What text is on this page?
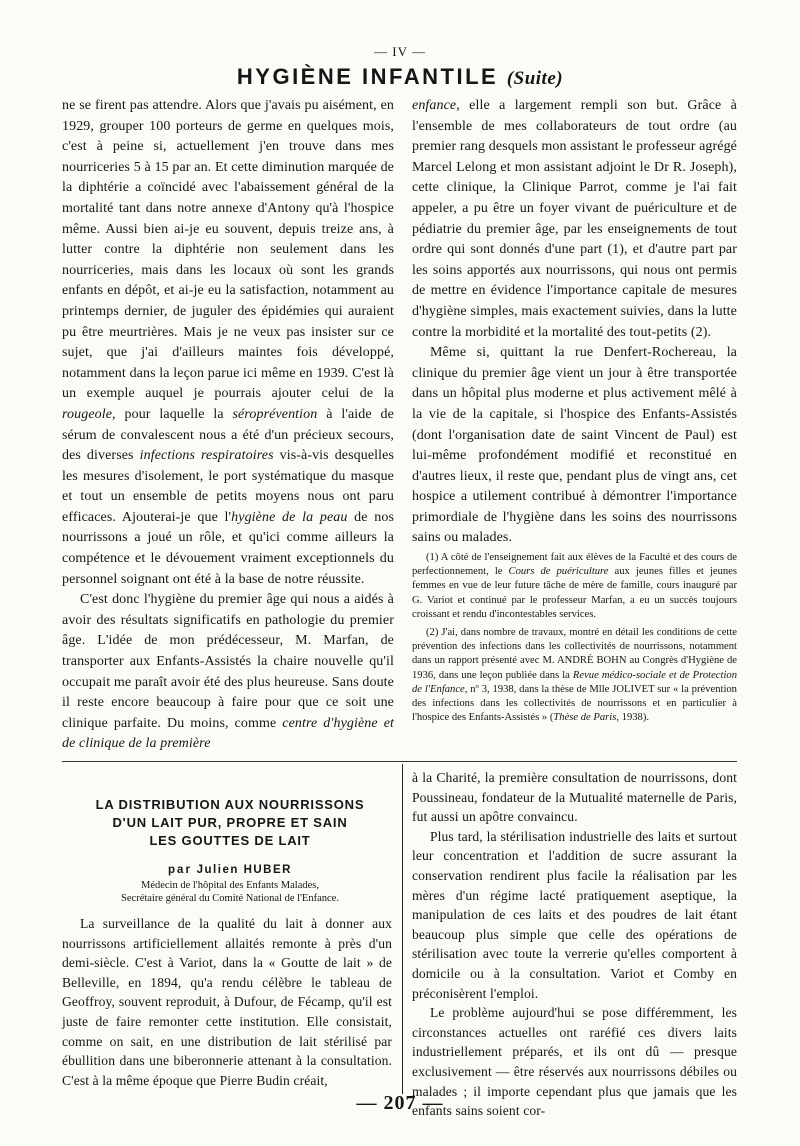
— IV —
HYGIÈNE INFANTILE (Suite)

ne se firent pas attendre. Alors que j'avais pu aisément, en 1929, grouper 100 porteurs de germe en quelques mois, c'est à peine si, actuellement j'en trouve dans mes nourriceries 5 à 15 par an. Et cette diminution marquée de la diphtérie a coïncidé avec l'abaissement général de la mortalité tant dans notre annexe d'Antony qu'à l'hospice même. Aussi bien ai-je eu souvent, depuis treize ans, à lutter contre la diphtérie non seulement dans les nourriceries, mais dans les locaux où sont les grands enfants en dépôt, et ai-je eu la satisfaction, notamment au printemps dernier, de juguler des épidémies qui auraient pu être meurtrières. Mais je ne veux pas insister sur ce sujet, que j'ai d'ailleurs maintes fois développé, notamment dans la leçon parue ici même en 1939. C'est là un exemple auquel je pourrais ajouter celui de la rougeole, pour laquelle la séroprévention à l'aide de sérum de convalescent nous a été d'un précieux secours, des diverses infections respiratoires vis-à-vis desquelles les mesures d'isolement, le port systématique du masque et tout un ensemble de petits moyens nous ont paru efficaces. Ajouterai-je que l'hygiène de la peau de nos nourrissons a joué un rôle, et qu'ici comme ailleurs la compétence et le dévouement vraiment exceptionnels du personnel soignant ont été à la base de notre réussite.

C'est donc l'hygiène du premier âge qui nous a aidés à avoir des résultats significatifs en pathologie du premier âge. L'idée de mon prédécesseur, M. Marfan, de transporter aux Enfants-Assistés la chaire nouvelle qu'il occupait me paraît avoir été des plus heureuse. Sans doute il reste encore beaucoup à faire pour que ce soit une clinique parfaite. Du moins, comme centre d'hygiène et de clinique de la première

enfance, elle a largement rempli son but. Grâce à l'ensemble de mes collaborateurs de tout ordre (au premier rang desquels mon assistant le professeur agrégé Marcel Lelong et mon assistant adjoint le Dr R. Joseph), cette clinique, la Clinique Parrot, comme je l'ai fait appeler, a pu être un foyer vivant de puériculture et de pédiatrie du premier âge, par les enseignements de tout ordre qui sont donnés d'une part (1), et d'autre part par les soins apportés aux nourrissons, qui nous ont permis de mettre en évidence l'importance capitale de mesures d'hygiène simples, mais exactement suivies, dans la lutte contre la morbidité et la mortalité des tout-petits (2).

Même si, quittant la rue Denfert-Rochereau, la clinique du premier âge vient un jour à être transportée dans un hôpital plus moderne et plus activement mêlé à la vie de la capitale, si l'hospice des Enfants-Assistés (dont l'organisation date de saint Vincent de Paul) est lui-même profondément modifié et reconstitué en d'autres lieux, il reste que, pendant plus de vingt ans, cet hospice a utilement contribué à démontrer l'importance primordiale de l'hygiène dans les soins des nourrissons sains ou malades.

(1) A côté de l'enseignement fait aux élèves de la Faculté et des cours de perfectionnement, le Cours de puériculture aux jeunes filles et jeunes femmes en vue de leur future tâche de mère de famille, cours inauguré par G. Variot et continué par le professeur Marfan, a eu un succès toujours croissant et rendu d'incontestables services.

(2) J'ai, dans nombre de travaux, montré en détail les conditions de cette prévention des infections dans les collectivités de nourrissons, notamment dans un rapport présenté avec M. ANDRÉ BOHN au Congrès d'Hygiène de 1936, dans une leçon publiée dans la Revue médico-sociale et de Protection de l'Enfance, nº 3, 1938, dans la thèse de Mlle JOLIVET sur « la prévention des infections dans les collectivités de nourrissons et en particulier à l'hospice des Enfants-Assistés » (Thèse de Paris, 1938).

LA DISTRIBUTION AUX NOURRISSONS
D'UN LAIT PUR, PROPRE ET SAIN
LES GOUTTES DE LAIT
par Julien HUBER
Médecin de l'hôpital des Enfants Malades,
Secrétaire général du Comité National de l'Enfance.

La surveillance de la qualité du lait à donner aux nourrissons artificiellement allaités remonte à près d'un demi-siècle. C'est à Variot, dans la « Goutte de lait » de Belleville, en 1894, qu'a rendu célèbre le tableau de Geoffroy, souvent reproduit, à Dufour, de Fécamp, qu'il est juste de faire remonter cette institution. Elle consistait, comme on sait, en une distribution de lait stérilisé par ébullition dans une biberonnerie attenant à la consultation. C'est à la même époque que Pierre Budin créait,

à la Charité, la première consultation de nourrissons, dont Poussineau, fondateur de la Mutualité maternelle de Paris, fut aussi un apôtre convaincu.

Plus tard, la stérilisation industrielle des laits et surtout leur concentration et l'addition de sucre assurant la conservation rendirent plus facile la réalisation par les mères d'un régime lacté pratiquement aseptique, la manipulation de ces laits et des poudres de lait étant beaucoup plus simple que celle des opérations de stérilisation avec toute la verrerie qu'elles comportent à domicile ou à la consultation. Variot et Comby en préconisèrent l'emploi.

Le problème aujourd'hui se pose différemment, les circonstances actuelles ont raréfié ces divers laits industriellement préparés, et ils ont dû — presque exclusivement — être réservés aux nourrissons débiles ou malades ; il importe cependant plus que jamais que les enfants sains soient cor-

— 207 —
